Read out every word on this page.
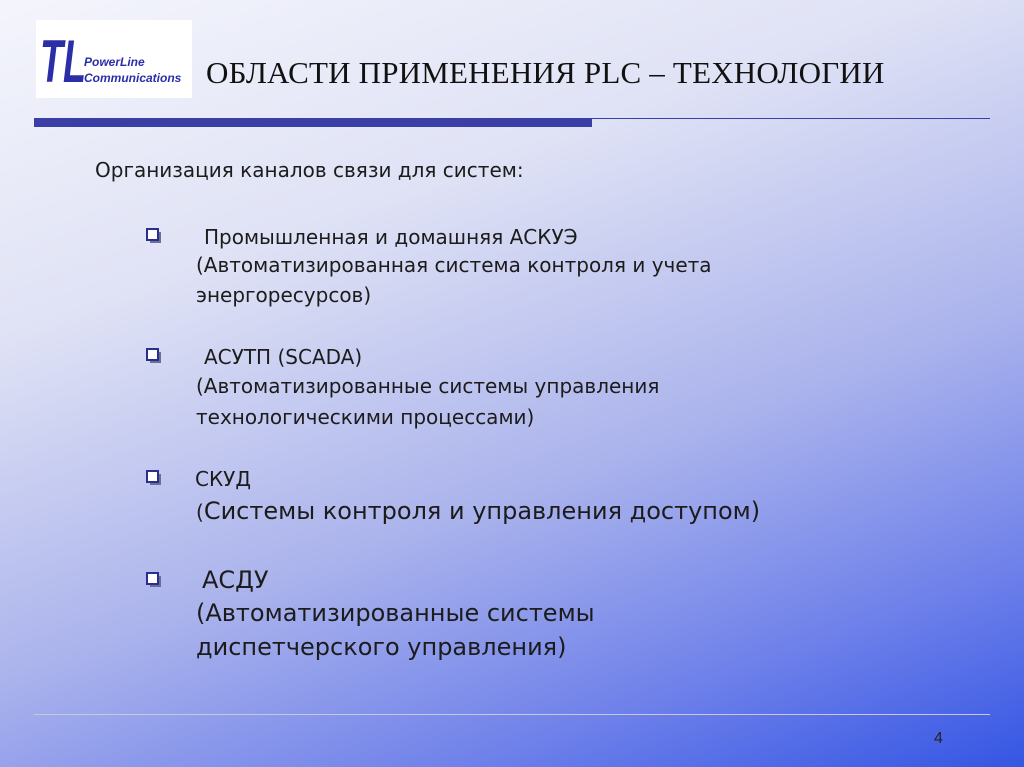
TL
PowerLine
Communications ОБЛАСТИ ПРИМЕНЕНИЯ PLC – ТЕХНОЛОГИИ
Организация каналов связи для систем:
Промышленная и домашняя АСКУЭ
(Автоматизированная система контроля и учета
энергоресурсов)
АСУТП (SCADA)
(Автоматизированные системы управления
технологическими процессами)
СКУД
(Системы контроля и управления доступом)
АСДУ
(Автоматизированные системы
диспетчерского управления)
4
